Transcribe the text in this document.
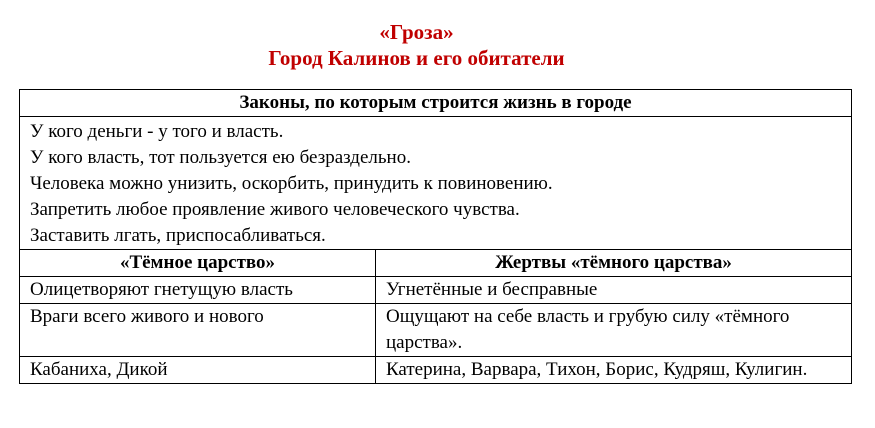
«Гроза»
Город Калинов и его обитатели
Законы, по которым строится жизнь в городе	

У кого деньги - у того и власть.
У кого власть, тот пользуется ею безраздельно.
Человека можно унизить, оскорбить, принудить к повиновению.
Запретить любое проявление живого человеческого чувства.
Заставить лгать, приспосабливаться.	

«Тёмное царство»	Жертвы «тёмного царства»
Олицетворяют гнетущую власть	Угнетённые и бесправные
Враги всего живого и нового	Ощущают на себе власть и грубую силу «тёмного царства».
Кабаниха, Дикой	Катерина, Варвара, Тихон, Борис, Кудряш, Кулигин.
